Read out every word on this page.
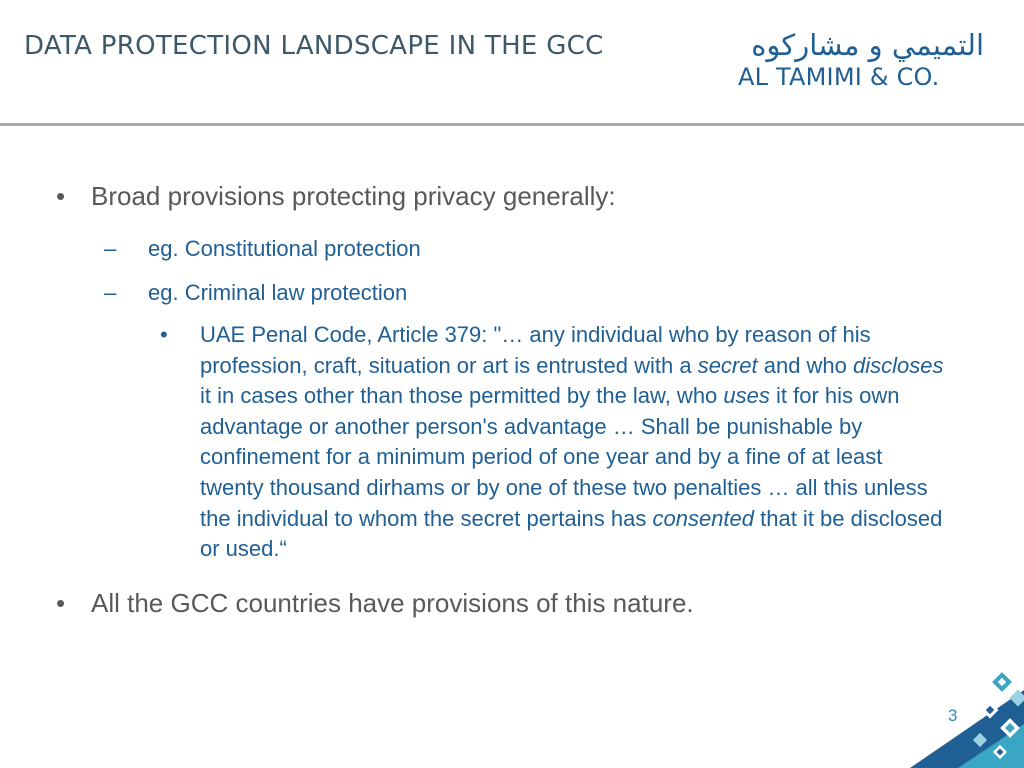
DATA PROTECTION LANDSCAPE IN THE GCC	التميمي و مشاركوه
AL TAMIMI & CO.
• Broad provisions protecting privacy generally:
– eg. Constitutional protection
– eg. Criminal law protection
• UAE Penal Code, Article 379: "… any individual who by reason of his profession, craft, situation or art is entrusted with a secret and who discloses it in cases other than those permitted by the law, who uses it for his own advantage or another person's advantage … Shall be punishable by confinement for a minimum period of one year and by a fine of at least twenty thousand dirhams or by one of these two penalties … all this unless the individual to whom the secret pertains has consented that it be disclosed or used.“
• All the GCC countries have provisions of this nature.
3
